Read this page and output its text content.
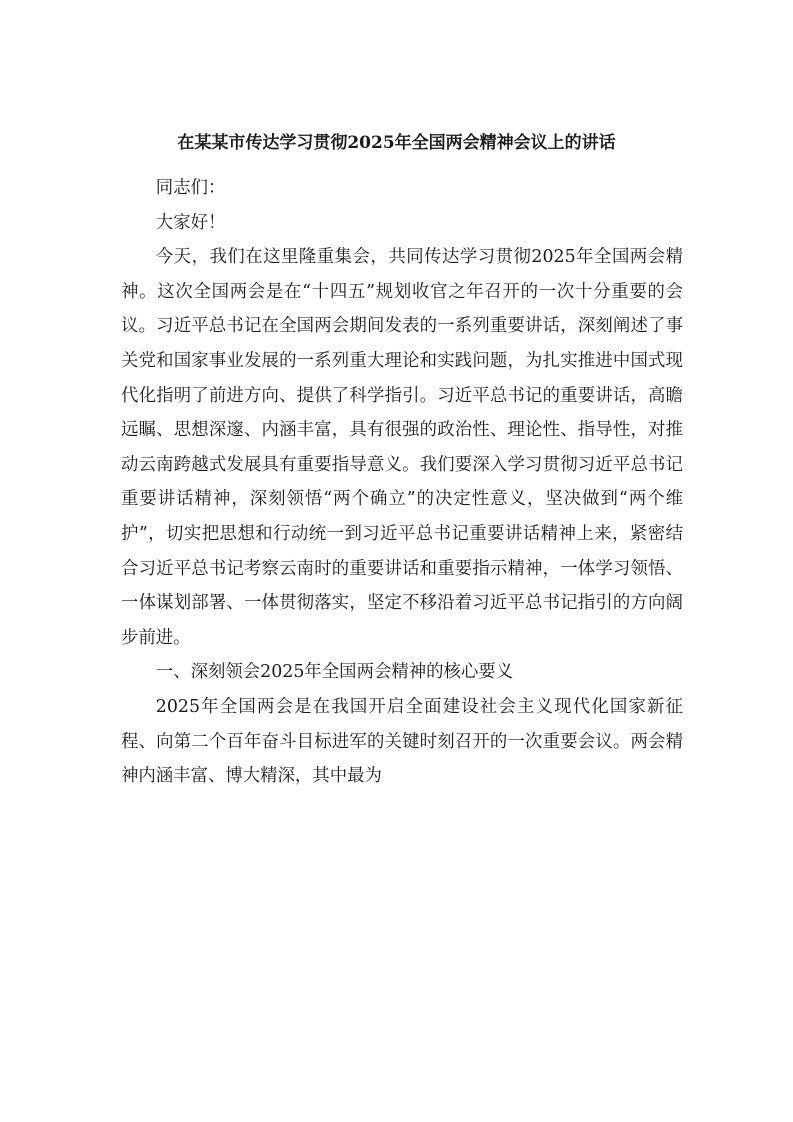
在某某市传达学习贯彻2025年全国两会精神会议上的讲话

同志们：

大家好！

今天，我们在这里隆重集会，共同传达学习贯彻2025年全国两会精神。这次全国两会是在“十四五”规划收官之年召开的一次十分重要的会议。习近平总书记在全国两会期间发表的一系列重要讲话，深刻阐述了事关党和国家事业发展的一系列重大理论和实践问题，为扎实推进中国式现代化指明了前进方向、提供了科学指引。习近平总书记的重要讲话，高瞻远瞩、思想深邃、内涵丰富，具有很强的政治性、理论性、指导性，对推动云南跨越式发展具有重要指导意义。我们要深入学习贯彻习近平总书记重要讲话精神，深刻领悟“两个确立”的决定性意义，坚决做到“两个维护”，切实把思想和行动统一到习近平总书记重要讲话精神上来，紧密结合习近平总书记考察云南时的重要讲话和重要指示精神，一体学习领悟、一体谋划部署、一体贯彻落实，坚定不移沿着习近平总书记指引的方向阔步前进。

一、深刻领会2025年全国两会精神的核心要义

2025年全国两会是在我国开启全面建设社会主义现代化国家新征程、向第二个百年奋斗目标进军的关键时刻召开的一次重要会议。两会精神内涵丰富、博大精深，其中最为
